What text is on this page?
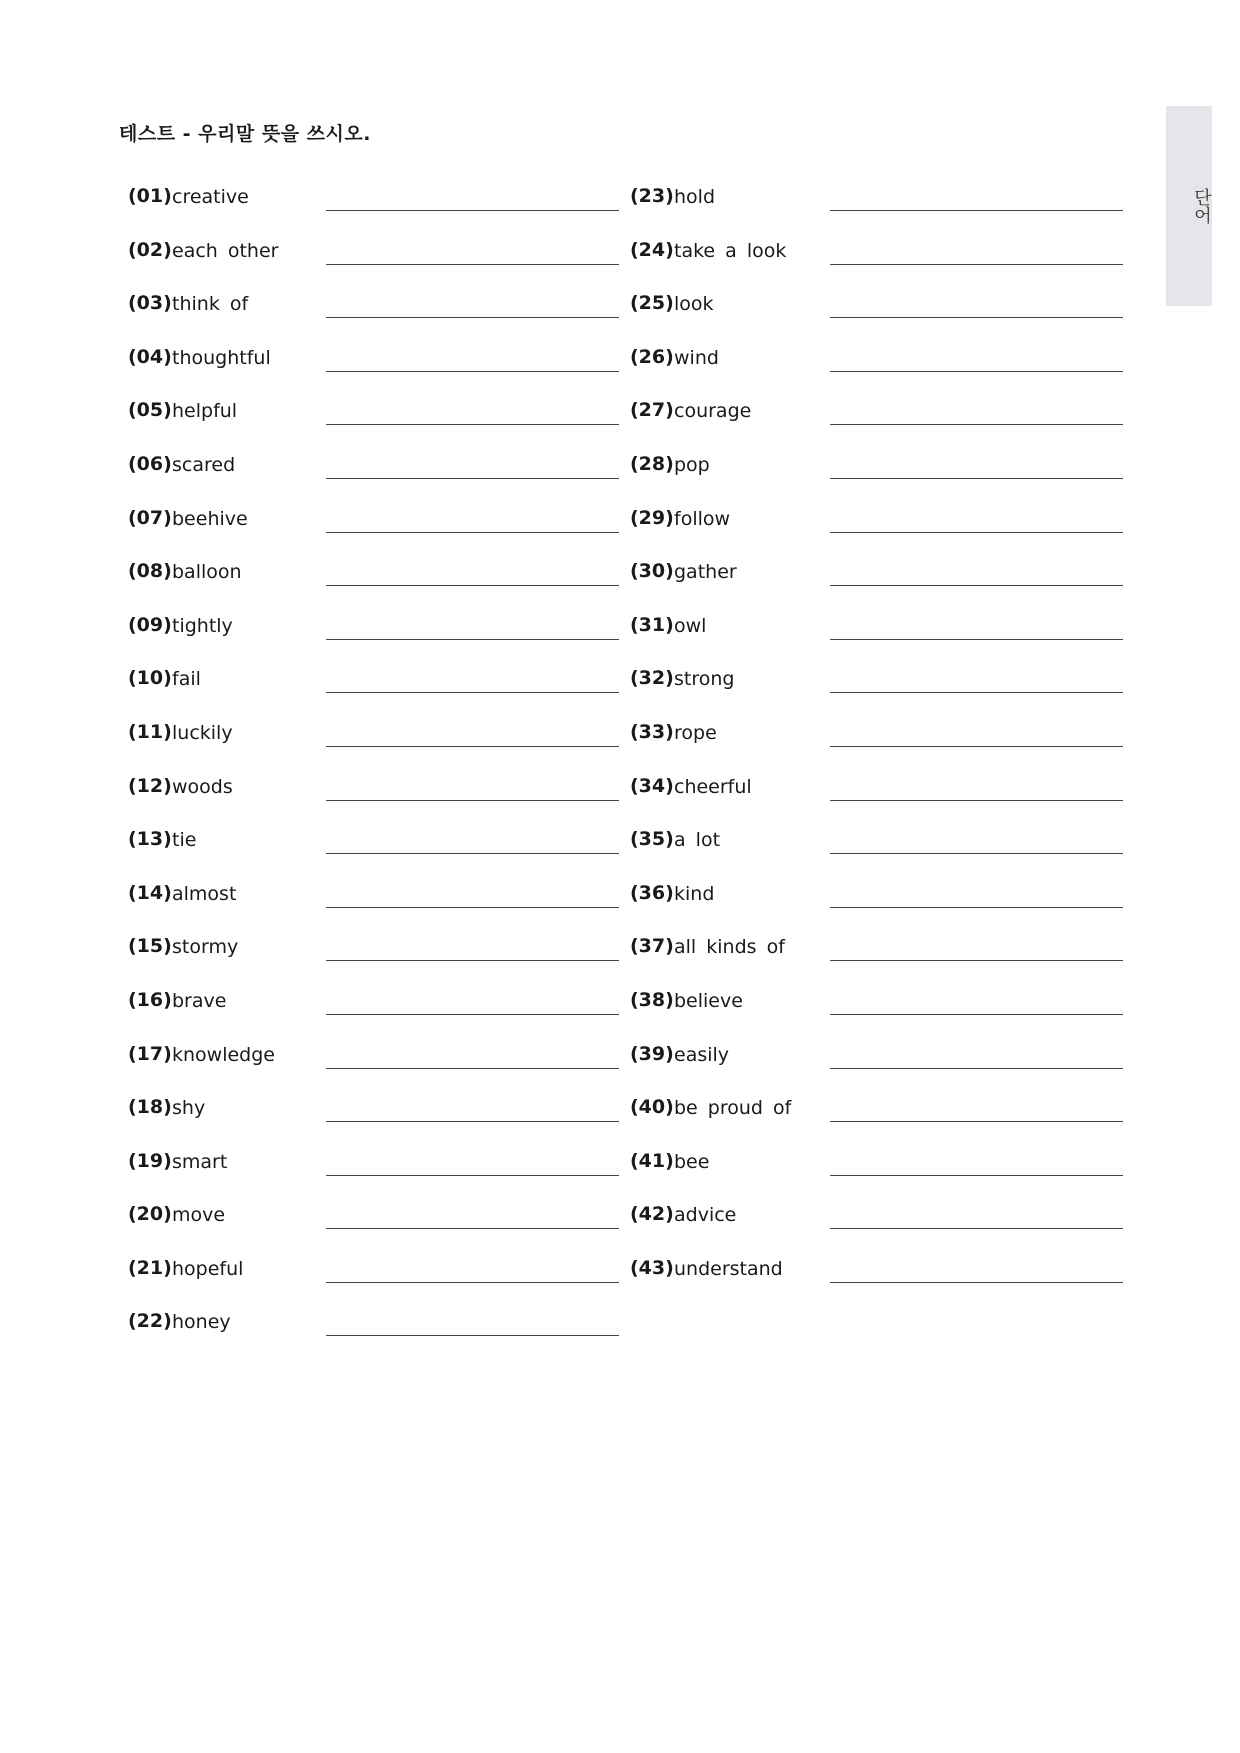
테스트 - 우리말 뜻을 쓰시오.
단어
(01) creative
(02) each other
(03) think of
(04) thoughtful
(05) helpful
(06) scared
(07) beehive
(08) balloon
(09) tightly
(10) fail
(11) luckily
(12) woods
(13) tie
(14) almost
(15) stormy
(16) brave
(17) knowledge
(18) shy
(19) smart
(20) move
(21) hopeful
(22) honey
(23) hold
(24) take a look
(25) look
(26) wind
(27) courage
(28) pop
(29) follow
(30) gather
(31) owl
(32) strong
(33) rope
(34) cheerful
(35) a lot
(36) kind
(37) all kinds of
(38) believe
(39) easily
(40) be proud of
(41) bee
(42) advice
(43) understand
